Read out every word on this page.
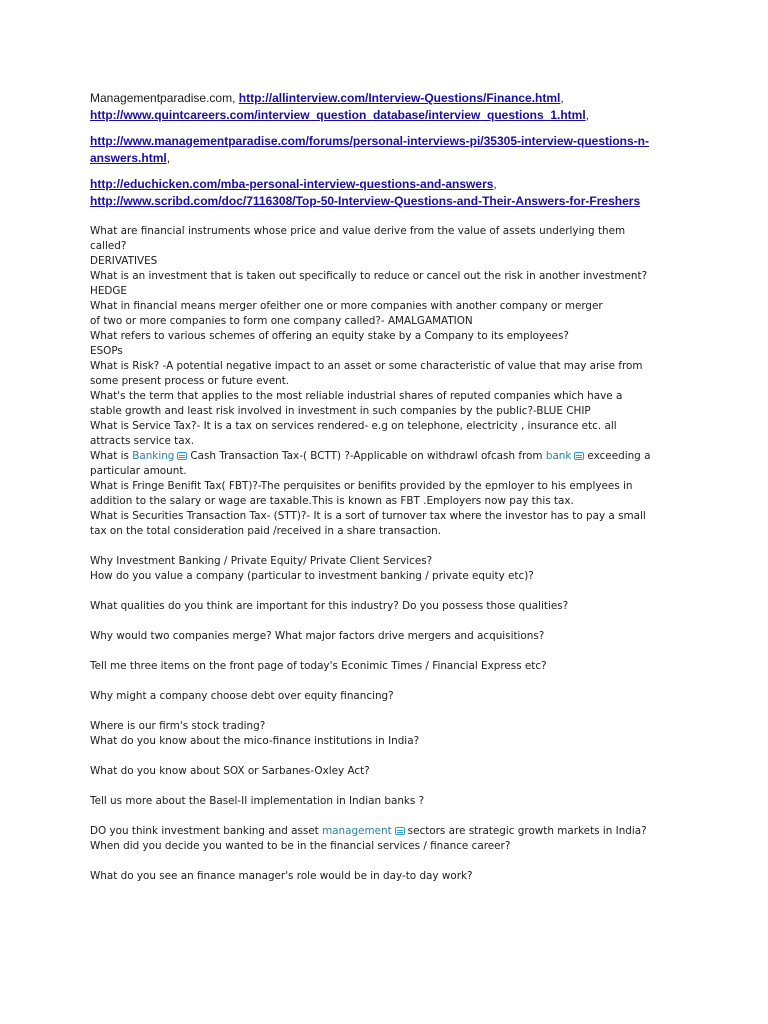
Managementparadise.com, http://allinterview.com/Interview-Questions/Finance.html,
http://www.quintcareers.com/interview_question_database/interview_questions_1.html,
http://www.managementparadise.com/forums/personal-interviews-pi/35305-interview-questions-n-answers.html,
http://educhicken.com/mba-personal-interview-questions-and-answers,
http://www.scribd.com/doc/7116308/Top-50-Interview-Questions-and-Their-Answers-for-Freshers

What are financial instruments whose price and value derive from the value of assets underlying them

called?

DERIVATIVES

What is an investment that is taken out specifically to reduce or cancel out the risk in another investment?

HEDGE

What in financial means merger ofeither one or more companies with another company or merger

of two or more companies to form one company called?- AMALGAMATION

What refers to various schemes of offering an equity stake by a Company to its employees?

ESOPs

What is Risk? -A potential negative impact to an asset or some characteristic of value that may arise from

some present process or future event.

What's the term that applies to the most reliable industrial shares of reputed companies which have a

stable growth and least risk involved in investment in such companies by the public?-BLUE CHIP

What is Service Tax?- It is a tax on services rendered- e.g on telephone, electricity , insurance etc. all

attracts service tax.

What is Banking Cash Transaction Tax-( BCTT) ?-Applicable on withdrawl ofcash from bank exceeding a

particular amount.

What is Fringe Benifit Tax( FBT)?-The perquisites or benifits provided by the epmloyer to his emplyees in

addition to the salary or wage are taxable.This is known as FBT .Employers now pay this tax.

What is Securities Transaction Tax- (STT)?- It is a sort of turnover tax where the investor has to pay a small

tax on the total consideration paid /received in a share transaction.

Why Investment Banking / Private Equity/ Private Client Services?

How do you value a company (particular to investment banking / private equity etc)?

What qualities do you think are important for this industry? Do you possess those qualities?

Why would two companies merge? What major factors drive mergers and acquisitions?

Tell me three items on the front page of today's Econimic Times / Financial Express etc?

Why might a company choose debt over equity financing?

Where is our firm's stock trading?

What do you know about the mico-finance institutions in India?

What do you know about SOX or Sarbanes-Oxley Act?

Tell us more about the Basel-II implementation in Indian banks ?

DO you think investment banking and asset management sectors are strategic growth markets in India?

When did you decide you wanted to be in the financial services / finance career?

What do you see an finance manager's role would be in day-to day work?
